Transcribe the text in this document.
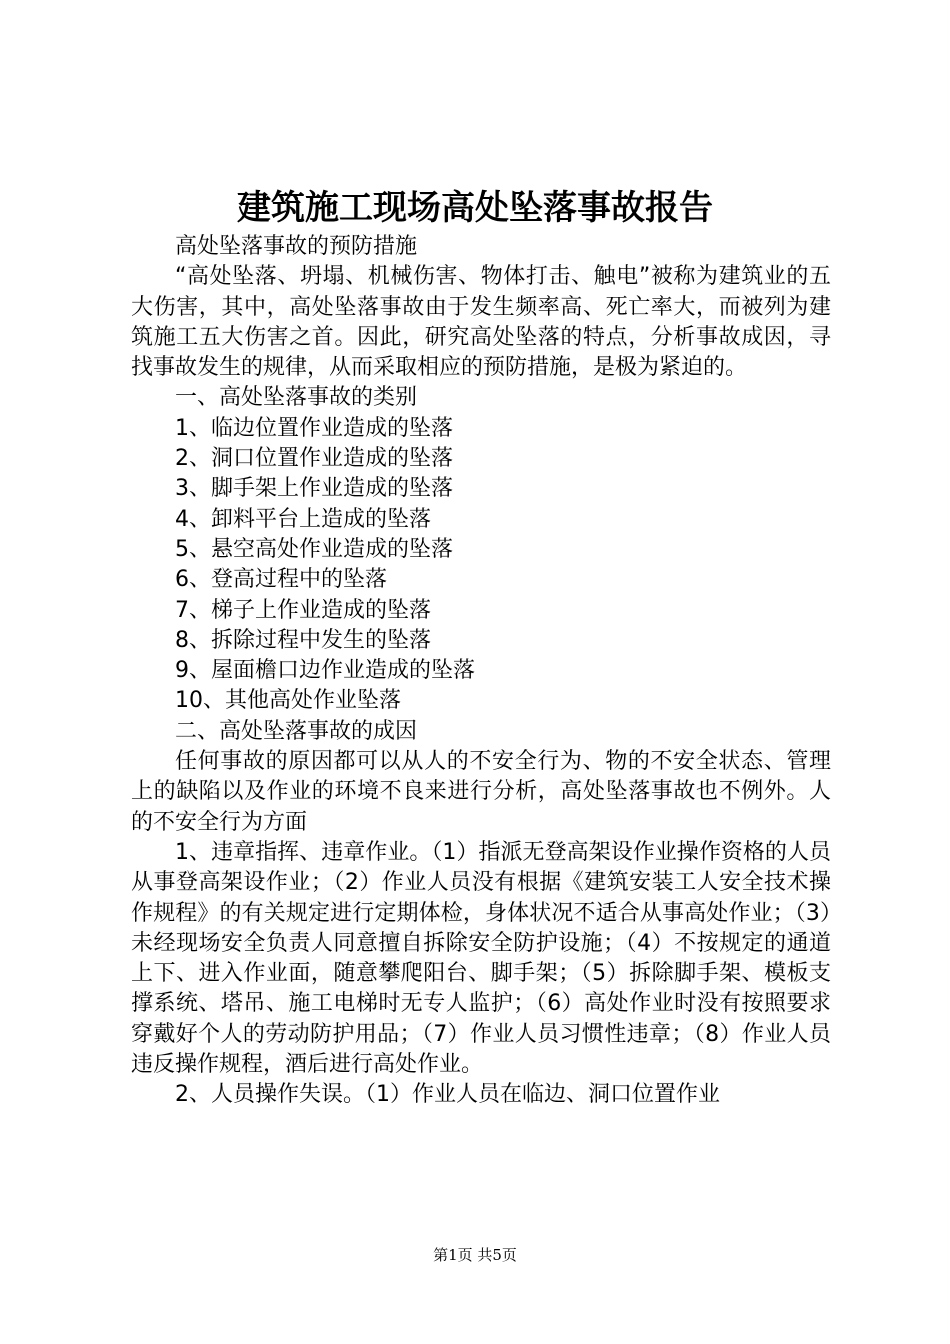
建筑施工现场高处坠落事故报告

高处坠落事故的预防措施

“高处坠落、坍塌、机械伤害、物体打击、触电”被称为建筑业的五大伤害，其中，高处坠落事故由于发生频率高、死亡率大，而被列为建筑施工五大伤害之首。因此，研究高处坠落的特点，分析事故成因，寻找事故发生的规律，从而采取相应的预防措施，是极为紧迫的。

一、高处坠落事故的类别

1、临边位置作业造成的坠落

2、洞口位置作业造成的坠落

3、脚手架上作业造成的坠落

4、卸料平台上造成的坠落

5、悬空高处作业造成的坠落

6、登高过程中的坠落

7、梯子上作业造成的坠落

8、拆除过程中发生的坠落

9、屋面檐口边作业造成的坠落

10、其他高处作业坠落

二、高处坠落事故的成因

任何事故的原因都可以从人的不安全行为、物的不安全状态、管理上的缺陷以及作业的环境不良来进行分析，高处坠落事故也不例外。人的不安全行为方面

1、违章指挥、违章作业。（1）指派无登高架设作业操作资格的人员从事登高架设作业；（2）作业人员没有根据《建筑安装工人安全技术操作规程》的有关规定进行定期体检，身体状况不适合从事高处作业；（3）未经现场安全负责人同意擅自拆除安全防护设施；（4）不按规定的通道上下、进入作业面，随意攀爬阳台、脚手架；（5）拆除脚手架、模板支撑系统、塔吊、施工电梯时无专人监护；（6）高处作业时没有按照要求穿戴好个人的劳动防护用品；（7）作业人员习惯性违章；（8）作业人员违反操作规程，酒后进行高处作业。

2、人员操作失误。（1）作业人员在临边、洞口位置作业

第1页 共5页
